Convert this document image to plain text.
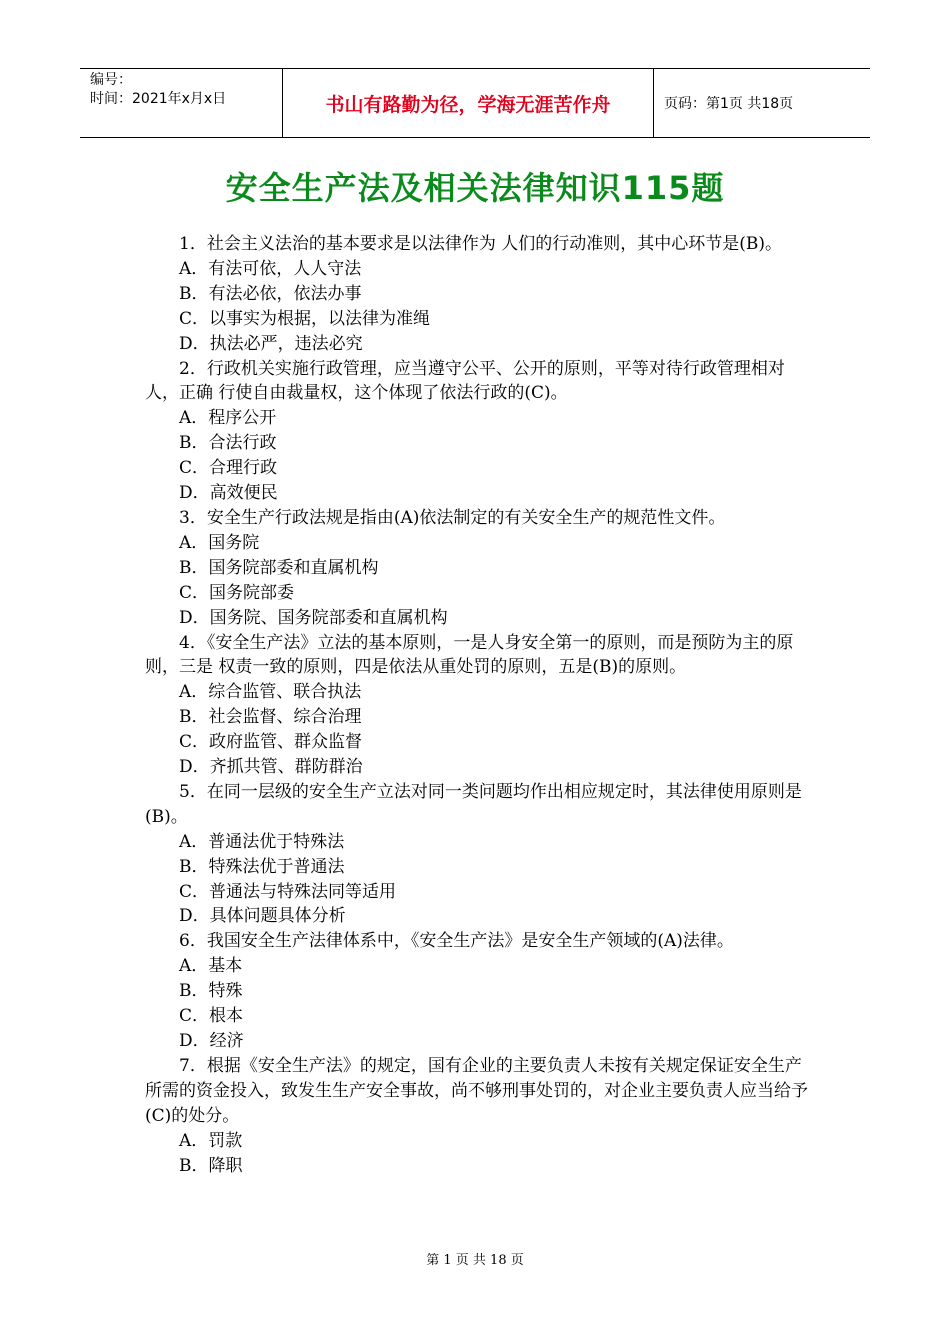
编号：
时间：2021年x月x日	书山有路勤为径，学海无涯苦作舟	页码：第1页 共18页
安全生产法及相关法律知识115题

1．社会主义法治的基本要求是以法律作为 人们的行动准则，其中心环节是(B)。

A．有法可依，人人守法

B．有法必依，依法办事

C．以事实为根据，以法律为准绳

D．执法必严，违法必究

2．行政机关实施行政管理，应当遵守公平、公开的原则，平等对待行政管理相对人，正确 行使自由裁量权，这个体现了依法行政的(C)。

A．程序公开

B．合法行政

C．合理行政

D．高效便民

3．安全生产行政法规是指由(A)依法制定的有关安全生产的规范性文件。

A．国务院

B．国务院部委和直属机构

C．国务院部委

D．国务院、国务院部委和直属机构

4．《安全生产法》立法的基本原则，一是人身安全第一的原则，而是预防为主的原则，三是 权责一致的原则，四是依法从重处罚的原则，五是(B)的原则。

A．综合监管、联合执法

B．社会监督、综合治理

C．政府监管、群众监督

D．齐抓共管、群防群治

5．在同一层级的安全生产立法对同一类问题均作出相应规定时，其法律使用原则是(B)。

A．普通法优于特殊法

B．特殊法优于普通法

C．普通法与特殊法同等适用

D．具体问题具体分析

6．我国安全生产法律体系中，《安全生产法》是安全生产领域的(A)法律。

A．基本

B．特殊

C．根本

D．经济

7．根据《安全生产法》的规定，国有企业的主要负责人未按有关规定保证安全生产所需的资金投入，致发生生产安全事故，尚不够刑事处罚的，对企业主要负责人应当给予(C)的处分。

A．罚款

B．降职

第 1 页 共 18 页
